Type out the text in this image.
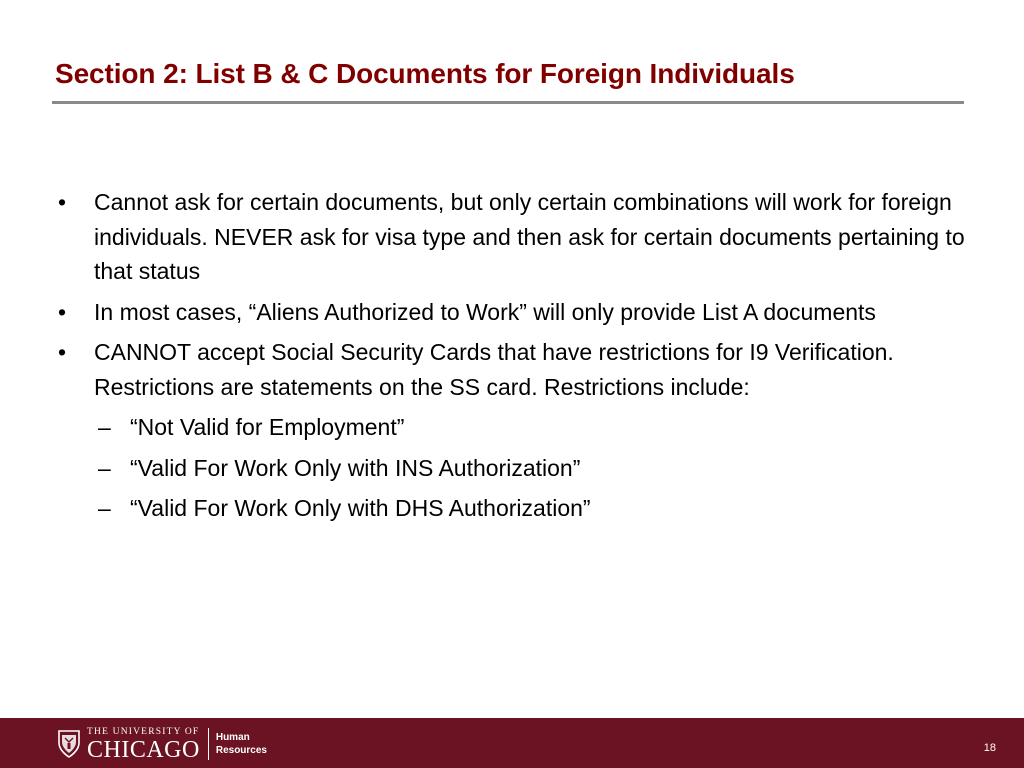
Section 2: List B & C Documents for Foreign Individuals
• Cannot ask for certain documents, but only certain combinations will work for foreign individuals. NEVER ask for visa type and then ask for certain documents pertaining to that status
• In most cases, “Aliens Authorized to Work” will only provide List A documents
• CANNOT accept Social Security Cards that have restrictions for I9 Verification. Restrictions are statements on the SS card. Restrictions include:
– “Not Valid for Employment”
– “Valid For Work Only with INS Authorization”
– “Valid For Work Only with DHS Authorization”
THE UNIVERSITY OF
CHICAGO Human
Resources	18
